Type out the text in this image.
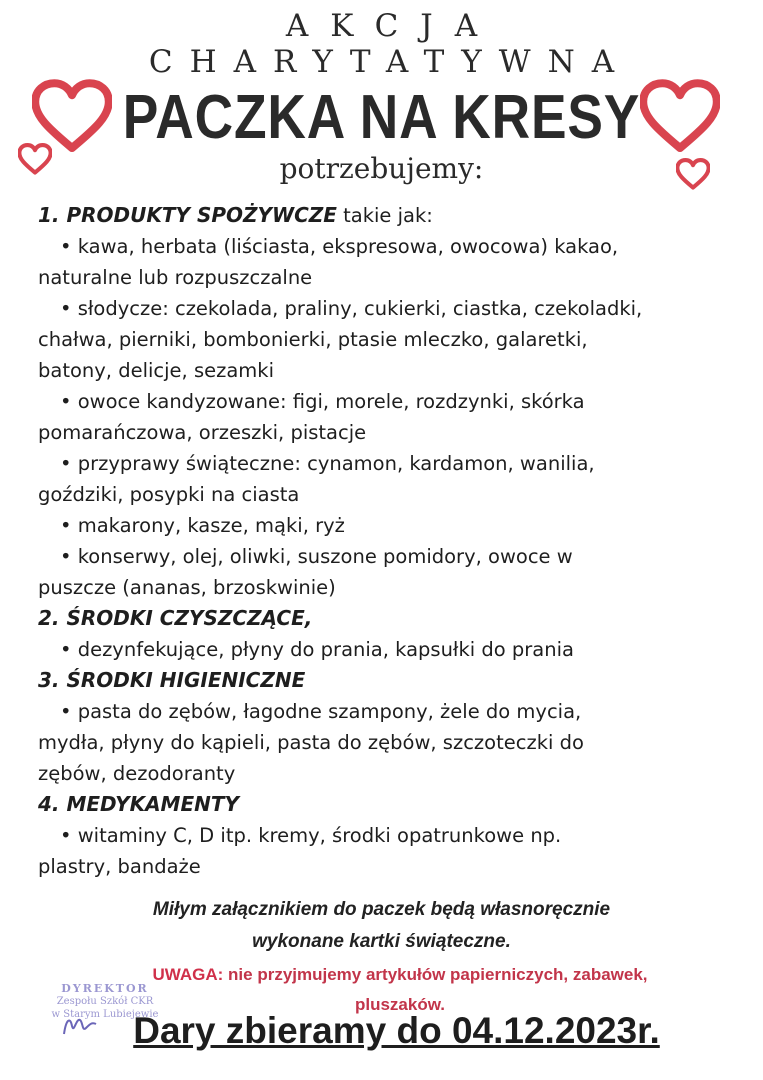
AKCJA
CHARYTATYWNA
PACZKA NA KRESY
potrzebujemy:

1. PRODUKTY SPOŻYWCZE takie jak:

• kawa, herbata (liściasta, ekspresowa, owocowa) kakao,

naturalne lub rozpuszczalne

• słodycze: czekolada, praliny, cukierki, ciastka, czekoladki,

chałwa, pierniki, bombonierki, ptasie mleczko, galaretki,

batony, delicje, sezamki

• owoce kandyzowane: figi, morele, rozdzynki, skórka

pomarańczowa, orzeszki, pistacje

• przyprawy świąteczne: cynamon, kardamon, wanilia,

goździki, posypki na ciasta

• makarony, kasze, mąki, ryż

• konserwy, olej, oliwki, suszone pomidory, owoce w

puszcze (ananas, brzoskwinie)

2. ŚRODKI CZYSZCZĄCE,

• dezynfekujące, płyny do prania, kapsułki do prania

3. ŚRODKI HIGIENICZNE

• pasta do zębów, łagodne szampony, żele do mycia,

mydła, płyny do kąpieli, pasta do zębów, szczoteczki do

zębów, dezodoranty

4. MEDYKAMENTY

• witaminy C, D itp. kremy, środki opatrunkowe np.

plastry, bandaże

Miłym załącznikiem do paczek będą własnoręcznie
wykonane kartki świąteczne.
UWAGA: nie przyjmujemy artykułów papierniczych, zabawek,
pluszaków.
DYREKTOR
Zespołu Szkół CKR
w Starym Lubiejewie
Dary zbieramy do 04.12.2023r.
